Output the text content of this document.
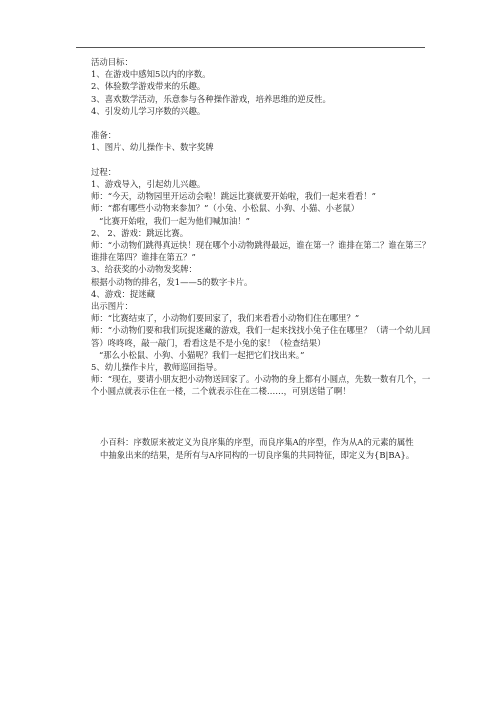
活动目标：
1、在游戏中感知5以内的序数。
2、体验数学游戏带来的乐趣。
3、喜欢数学活动，乐意参与各种操作游戏，培养思维的逆反性。
4、引发幼儿学习序数的兴趣。
准备：
1、图片、幼儿操作卡、数字奖牌
过程：
1、游戏导入，引起幼儿兴趣。
师：“今天，动物园里开运动会啦！跳远比赛就要开始啦，我们一起来看看！”
师：“都有哪些小动物来参加？”（小兔、小松鼠、小狗、小猫、小老鼠）
“比赛开始啦，我们一起为他们喊加油！”
2、 2、游戏：跳远比赛。
师：“小动物们跳得真远快！现在哪个小动物跳得最远，谁在第一？谁排在第二？谁在第三？谁排在第四？谁排在第五？”
3、给获奖的小动物发奖牌：
根据小动物的排名，发1——5的数字卡片。
4、游戏：捉迷藏
出示图片：
师：“比赛结束了，小动物们要回家了，我们来看看小动物们住在哪里？”
师：“小动物们要和我们玩捉迷藏的游戏，我们一起来找找小兔子住在哪里？（请一个幼儿回答）咚咚咚，敲一敲门，看看这是不是小兔的家！（检查结果）
“那么小松鼠、小狗、小猫呢？我们一起把它们找出来。”
5、幼儿操作卡片，教师巡回指导。
师：“现在，要请小朋友把小动物送回家了。小动物的身上都有小圆点，先数一数有几个，一个小圆点就表示住在一楼，二个就表示住在二楼……，可别送错了啊！
小百科：序数原来被定义为良序集的序型，而良序集A的序型，作为从A的元素的属性中抽象出来的结果，是所有与A序同构的一切良序集的共同特征，即定义为{B|BA}。
